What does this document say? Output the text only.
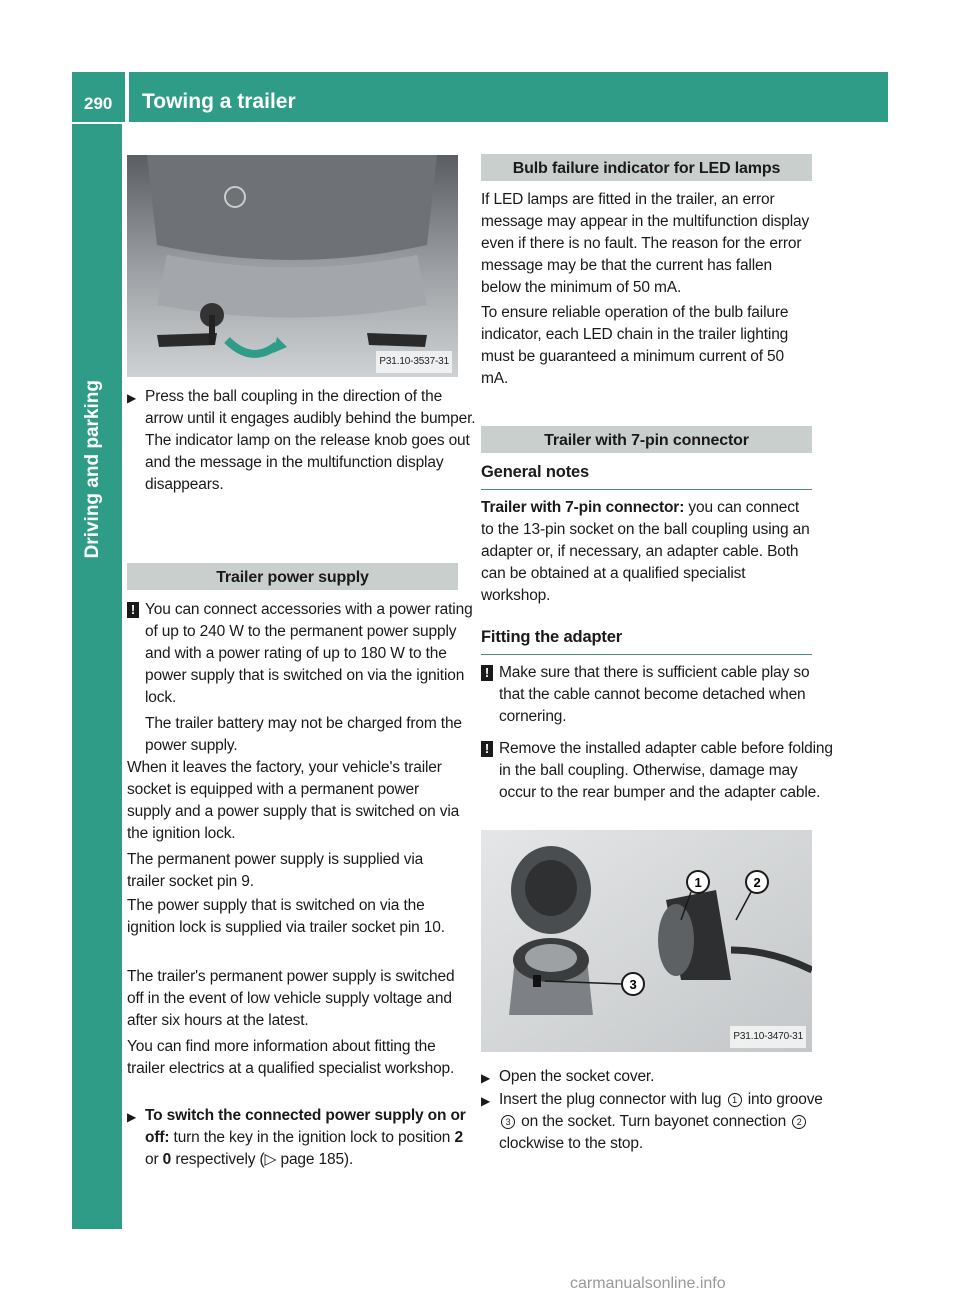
290 Towing a trailer
Driving and parking
P31.10-3537-31
▶ Press the ball coupling in the direction of the arrow until it engages audibly behind the bumper.
The indicator lamp on the release knob goes out and the message in the multifunction display disappears.
Trailer power supply
! You can connect accessories with a power rating of up to 240 W to the permanent power supply and with a power rating of up to 180 W to the power supply that is switched on via the ignition lock.
The trailer battery may not be charged from the power supply.
When it leaves the factory, your vehicle's trailer socket is equipped with a permanent power supply and a power supply that is switched on via the ignition lock.
The permanent power supply is supplied via trailer socket pin 9.
The power supply that is switched on via the ignition lock is supplied via trailer socket pin 10.
The trailer's permanent power supply is switched off in the event of low vehicle supply voltage and after six hours at the latest.
You can find more information about fitting the trailer electrics at a qualified specialist workshop.
▶ To switch the connected power supply on or off: turn the key in the ignition lock to position 2 or 0 respectively (▷ page 185).
Bulb failure indicator for LED lamps
If LED lamps are fitted in the trailer, an error message may appear in the multifunction display even if there is no fault. The reason for the error message may be that the current has fallen below the minimum of 50 mA.
To ensure reliable operation of the bulb failure indicator, each LED chain in the trailer lighting must be guaranteed a minimum current of 50 mA.
Trailer with 7-pin connector
General notes
Trailer with 7-pin connector: you can connect to the 13-pin socket on the ball coupling using an adapter or, if necessary, an adapter cable. Both can be obtained at a qualified specialist workshop.
Fitting the adapter
! Make sure that there is sufficient cable play so that the cable cannot become detached when cornering.
! Remove the installed adapter cable before folding in the ball coupling. Otherwise, damage may occur to the rear bumper and the adapter cable.
1	2
3
P31.10-3470-31
▶ Open the socket cover.
▶ Insert the plug connector with lug 1 into groove 3 on the socket. Turn bayonet connection 2 clockwise to the stop.
carmanualsonline.info
